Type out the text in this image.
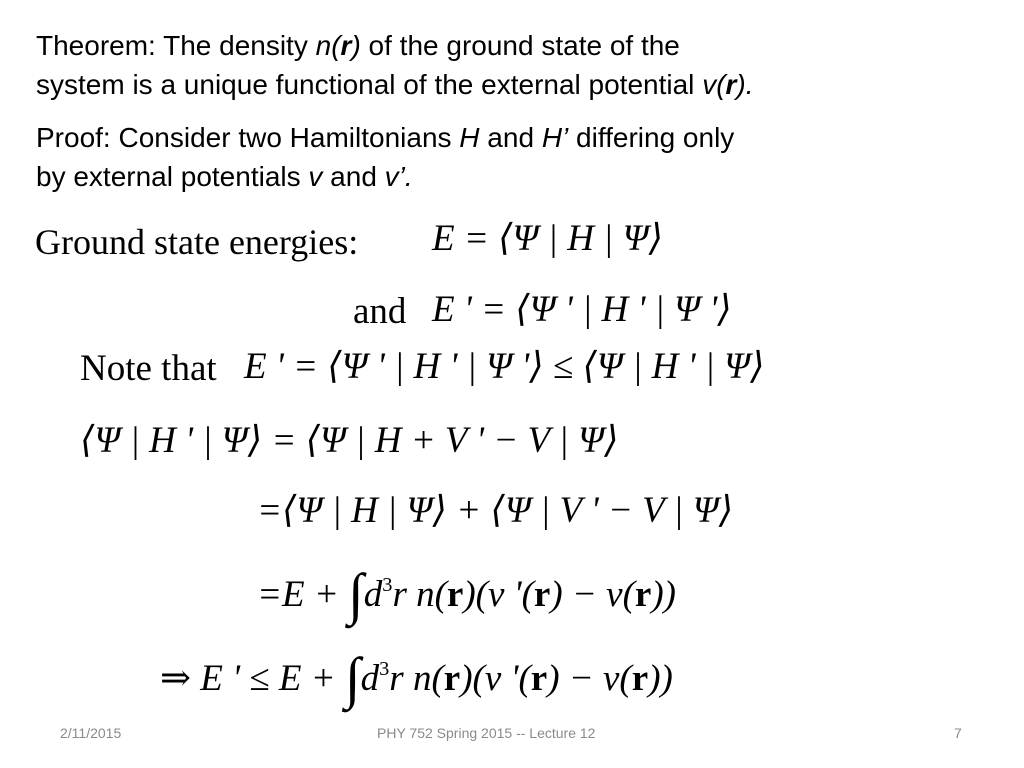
Theorem: The density n(r) of the ground state of the
system is a unique functional of the external potential v(r).
Proof: Consider two Hamiltonians H and H’ differing only
by external potentials v and v’.
Ground state energies: E = ⟨Ψ | H | Ψ⟩
and E ' = ⟨Ψ ' | H ' | Ψ '⟩
Note that E ' = ⟨Ψ ' | H ' | Ψ '⟩ ≤ ⟨Ψ | H ' | Ψ⟩
⟨Ψ | H ' | Ψ⟩ = ⟨Ψ | H + V ' − V | Ψ⟩
=⟨Ψ | H | Ψ⟩ + ⟨Ψ | V ' − V | Ψ⟩
$=E + \int d^3r$ n(r)(v '(r) − v(r))
⇒ E ' ≤ $E + \int d^3r$ n(r)(v '(r) − v(r))
2/11/2015	PHY 752 Spring 2015 -- Lecture 12	7
